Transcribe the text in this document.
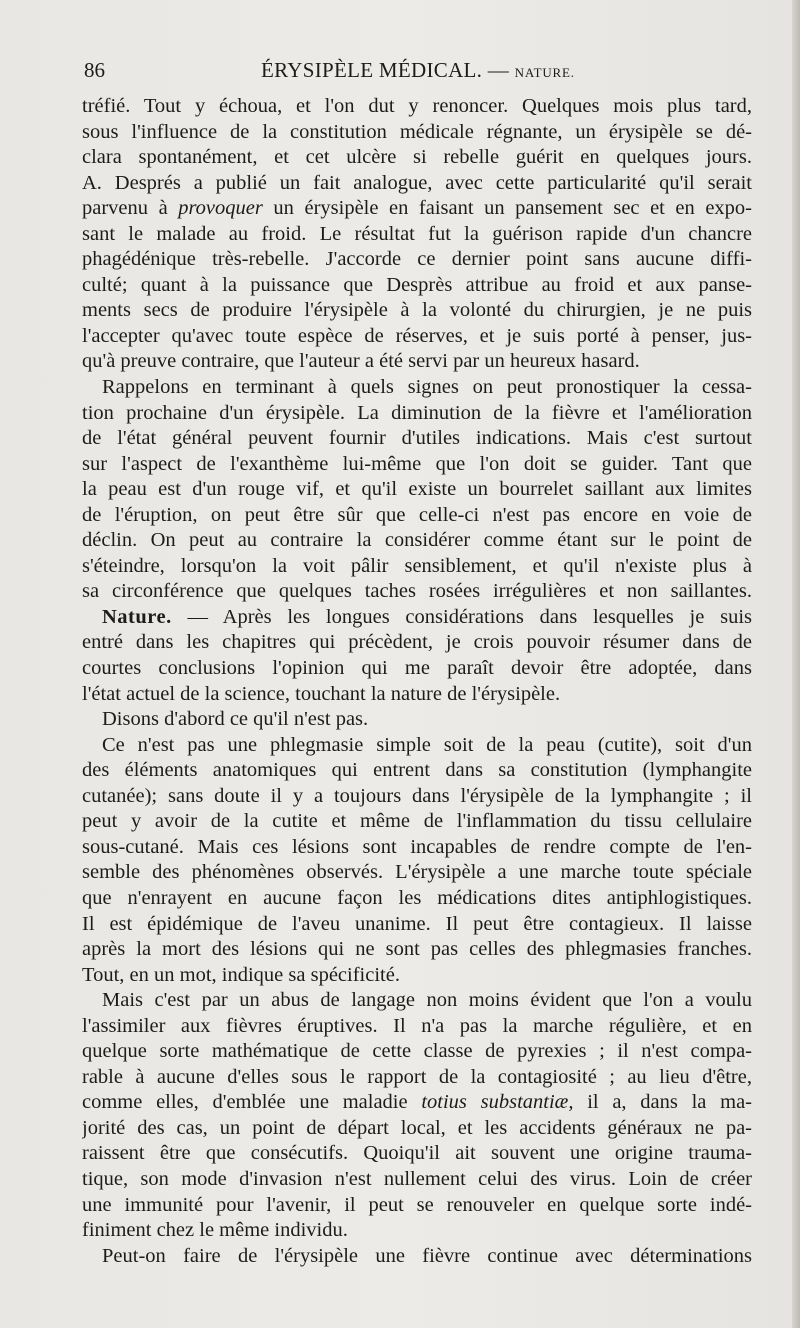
86	ÉRYSIPÈLE MÉDICAL. — NATURE.
tréfié. Tout y échoua, et l'on dut y renoncer. Quelques mois plus tard,
sous l'influence de la constitution médicale régnante, un érysipèle se dé-
clara spontanément, et cet ulcère si rebelle guérit en quelques jours.
A. Després a publié un fait analogue, avec cette particularité qu'il serait
parvenu à provoquer un érysipèle en faisant un pansement sec et en expo-
sant le malade au froid. Le résultat fut la guérison rapide d'un chancre
phagédénique très-rebelle. J'accorde ce dernier point sans aucune diffi-
culté; quant à la puissance que Desprès attribue au froid et aux panse-
ments secs de produire l'érysipèle à la volonté du chirurgien, je ne puis
l'accepter qu'avec toute espèce de réserves, et je suis porté à penser, jus-
qu'à preuve contraire, que l'auteur a été servi par un heureux hasard.
Rappelons en terminant à quels signes on peut pronostiquer la cessa-
tion prochaine d'un érysipèle. La diminution de la fièvre et l'amélioration
de l'état général peuvent fournir d'utiles indications. Mais c'est surtout
sur l'aspect de l'exanthème lui-même que l'on doit se guider. Tant que
la peau est d'un rouge vif, et qu'il existe un bourrelet saillant aux limites
de l'éruption, on peut être sûr que celle-ci n'est pas encore en voie de
déclin. On peut au contraire la considérer comme étant sur le point de
s'éteindre, lorsqu'on la voit pâlir sensiblement, et qu'il n'existe plus à
sa circonférence que quelques taches rosées irrégulières et non saillantes.
Nature. — Après les longues considérations dans lesquelles je suis
entré dans les chapitres qui précèdent, je crois pouvoir résumer dans de
courtes conclusions l'opinion qui me paraît devoir être adoptée, dans
l'état actuel de la science, touchant la nature de l'érysipèle.
Disons d'abord ce qu'il n'est pas.
Ce n'est pas une phlegmasie simple soit de la peau (cutite), soit d'un
des éléments anatomiques qui entrent dans sa constitution (lymphangite
cutanée); sans doute il y a toujours dans l'érysipèle de la lymphangite ; il
peut y avoir de la cutite et même de l'inflammation du tissu cellulaire
sous-cutané. Mais ces lésions sont incapables de rendre compte de l'en-
semble des phénomènes observés. L'érysipèle a une marche toute spéciale
que n'enrayent en aucune façon les médications dites antiphlogistiques.
Il est épidémique de l'aveu unanime. Il peut être contagieux. Il laisse
après la mort des lésions qui ne sont pas celles des phlegmasies franches.
Tout, en un mot, indique sa spécificité.
Mais c'est par un abus de langage non moins évident que l'on a voulu
l'assimiler aux fièvres éruptives. Il n'a pas la marche régulière, et en
quelque sorte mathématique de cette classe de pyrexies ; il n'est compa-
rable à aucune d'elles sous le rapport de la contagiosité ; au lieu d'être,
comme elles, d'emblée une maladie totius substantiæ, il a, dans la ma-
jorité des cas, un point de départ local, et les accidents généraux ne pa-
raissent être que consécutifs. Quoiqu'il ait souvent une origine trauma-
tique, son mode d'invasion n'est nullement celui des virus. Loin de créer
une immunité pour l'avenir, il peut se renouveler en quelque sorte indé-
finiment chez le même individu.
Peut-on faire de l'érysipèle une fièvre continue avec déterminations
